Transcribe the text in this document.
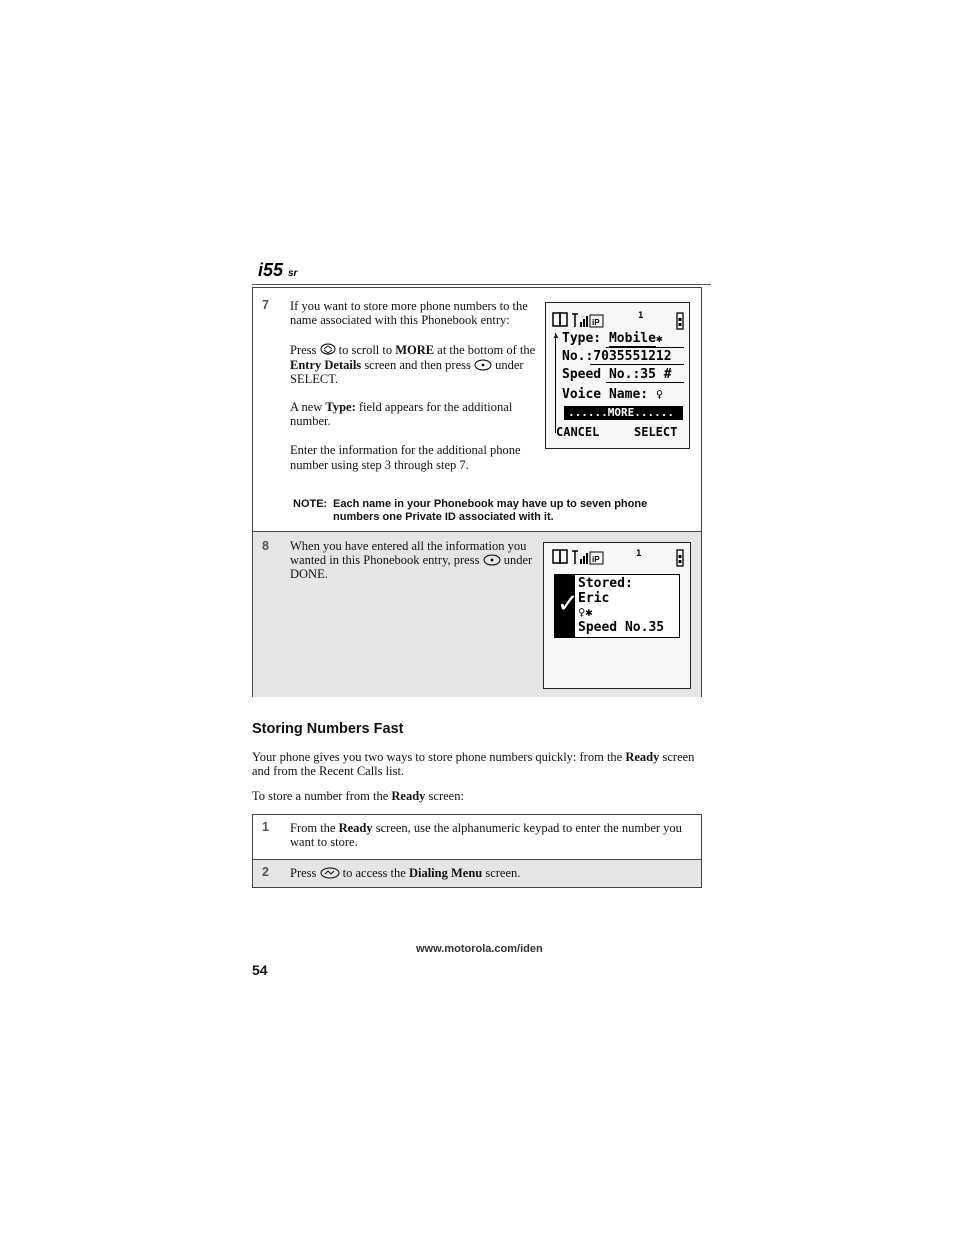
i55 sr
7 If you want to store more phone numbers to the name associated with this Phonebook entry:

Press to scroll to MORE at the bottom of the Entry Details screen and then press under SELECT.

A new Type: field appears for the additional number.

Enter the information for the additional phone number using step 3 through step 7.

iP
1
▲ Type: Mobile✱
No.:7035551212
Speed No.:35 #
Voice Name: ♀
......MORE......
CANCEL	SELECT
NOTE: Each name in your Phonebook may have up to seven phone numbers one Private ID associated with it.
8 When you have entered all the information you wanted in this Phonebook entry, press under DONE.
iP
1
✓
Stored:
Eric
♀✱
Speed No.35
Storing Numbers Fast
Your phone gives you two ways to store phone numbers quickly: from the Ready screen and from the Recent Calls list.
To store a number from the Ready screen:
1 From the Ready screen, use the alphanumeric keypad to enter the number you want to store.
2 Press to access the Dialing Menu screen.
www.motorola.com/iden
54
